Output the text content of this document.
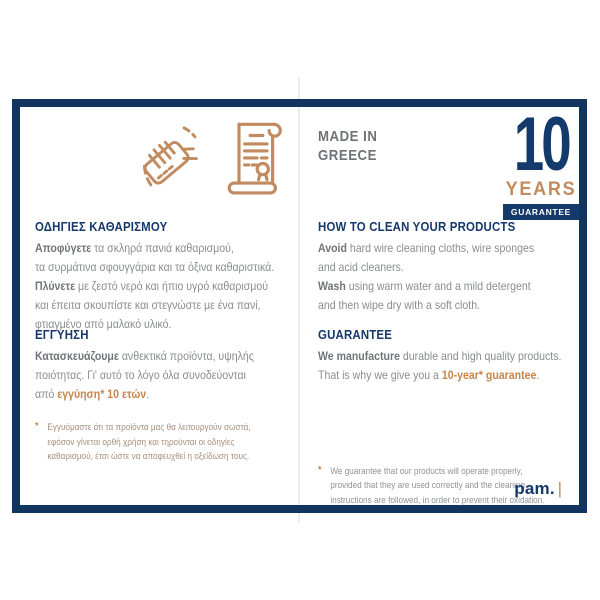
MADE IN
GREECE 10
YEARS
GUARANTEE
ΟΔΗΓΙΕΣ ΚΑΘΑΡΙΣΜΟΥ
Αποφύγετε τα σκληρά πανιά καθαρισμού,
τα συρμάτινα σφουγγάρια και τα όξινα καθαριστικά.
Πλύνετε με ζεστό νερό και ήπιο υγρό καθαρισμού
και έπειτα σκουπίστε και στεγνώστε με ένα πανί,
φτιαγμένο από μαλακό υλικό.
HOW TO CLEAN YOUR PRODUCTS
Avoid hard wire cleaning cloths, wire sponges
and acid cleaners.
Wash using warm water and a mild detergent
and then wipe dry with a soft cloth.
ΕΓΓΥΗΣΗ
Κατασκευάζουμε ανθεκτικά προϊόντα, υψηλής
ποιότητας. Γι' αυτό το λόγο όλα συνοδεύονται
από εγγύηση* 10 ετών.
GUARANTEE
We manufacture durable and high quality products.
That is why we give you a 10-year* guarantee.
* Εγγυόμαστε ότι τα προϊόντα μας θα λειτουργούν σωστά,
εφόσον γίνεται ορθή χρήση και τηρούνται οι οδηγίες
καθαρισμού, έτσι ώστε να αποφευχθεί η οξείδωση τους.
* We guarantee that our products will operate properly,
provided that they are used correctly and the cleaning
instructions are followed, in order to prevent their oxidation.
pam. |
